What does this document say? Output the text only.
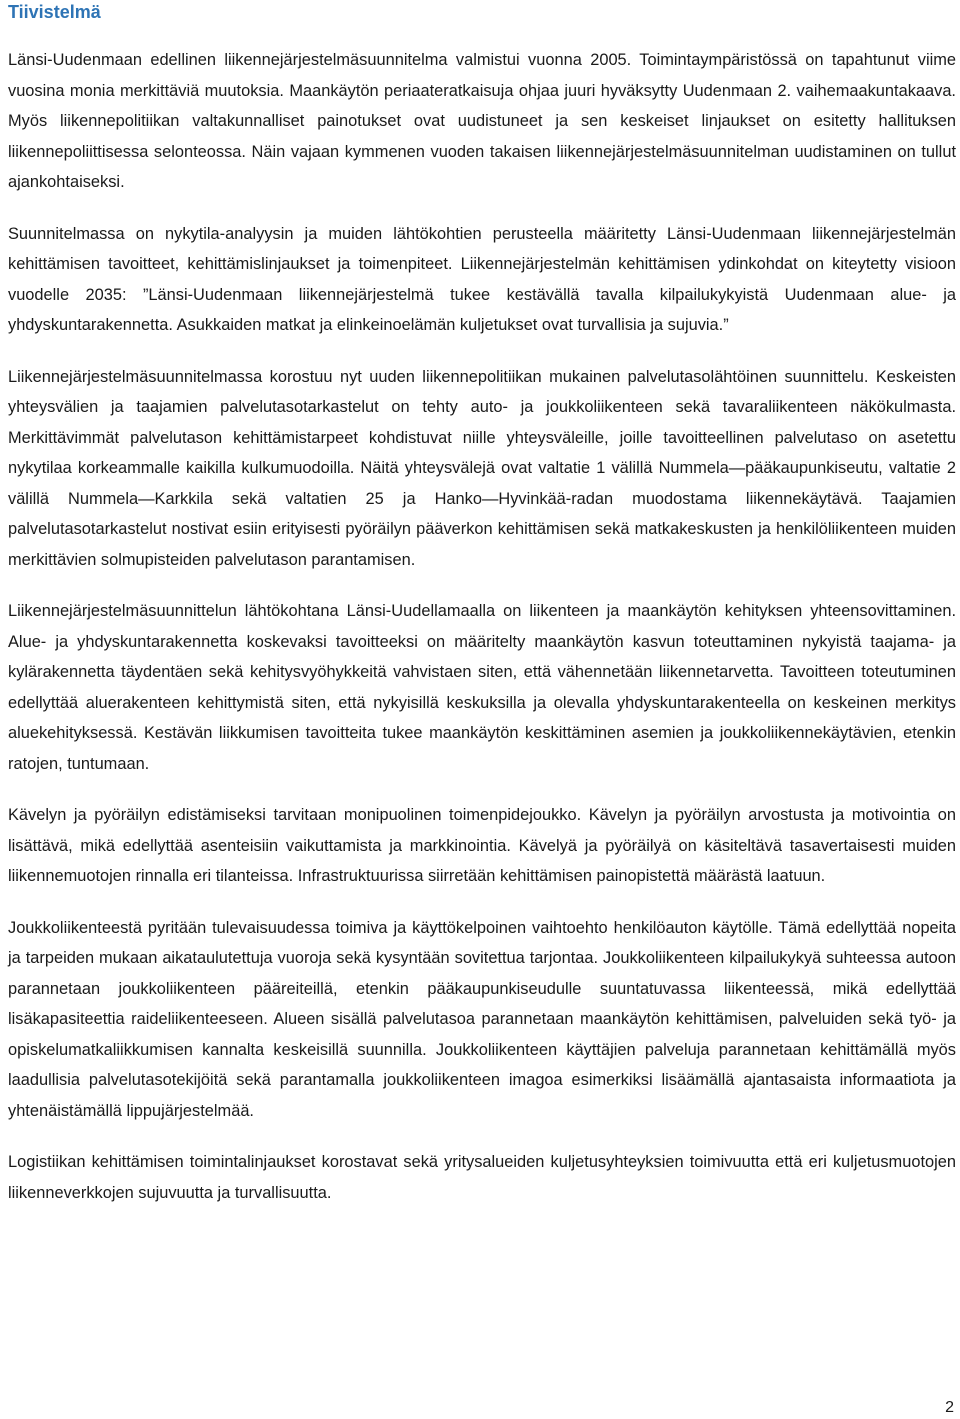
Tiivistelmä

Länsi-Uudenmaan edellinen liikennejärjestelmäsuunnitelma valmistui vuonna 2005. Toimintaympäristössä on tapahtunut viime vuosina monia merkittäviä muutoksia. Maankäytön periaateratkaisuja ohjaa juuri hyväksytty Uudenmaan 2. vaihemaakuntakaava. Myös liikennepolitiikan valtakunnalliset painotukset ovat uudistuneet ja sen keskeiset linjaukset on esitetty hallituksen liikennepoliittisessa selonteossa. Näin vajaan kymmenen vuoden takaisen liikennejärjestelmäsuunnitelman uudistaminen on tullut ajankohtaiseksi.

Suunnitelmassa on nykytila-analyysin ja muiden lähtökohtien perusteella määritetty Länsi-Uudenmaan liikennejärjestelmän kehittämisen tavoitteet, kehittämislinjaukset ja toimenpiteet. Liikennejärjestelmän kehittämisen ydinkohdat on kiteytetty visioon vuodelle 2035: ”Länsi-Uudenmaan liikennejärjestelmä tukee kestävällä tavalla kilpailukykyistä Uudenmaan alue- ja yhdyskuntarakennetta. Asukkaiden matkat ja elinkeinoelämän kuljetukset ovat turvallisia ja sujuvia.”

Liikennejärjestelmäsuunnitelmassa korostuu nyt uuden liikennepolitiikan mukainen palvelutasolähtöinen suunnittelu. Keskeisten yhteysvälien ja taajamien palvelutasotarkastelut on tehty auto- ja joukkoliikenteen sekä tavaraliikenteen näkökulmasta. Merkittävimmät palvelutason kehittämistarpeet kohdistuvat niille yhteysväleille, joille tavoitteellinen palvelutaso on asetettu nykytilaa korkeammalle kaikilla kulkumuodoilla. Näitä yhteysvälejä ovat valtatie 1 välillä Nummela—pääkaupunkiseutu, valtatie 2 välillä Nummela—Karkkila sekä valtatien 25 ja Hanko—Hyvinkää-radan muodostama liikennekäytävä. Taajamien palvelutasotarkastelut nostivat esiin erityisesti pyöräilyn pääverkon kehittämisen sekä matkakeskusten ja henkilöliikenteen muiden merkittävien solmupisteiden palvelutason parantamisen.

Liikennejärjestelmäsuunnittelun lähtökohtana Länsi-Uudellamaalla on liikenteen ja maankäytön kehityksen yhteensovittaminen. Alue- ja yhdyskuntarakennetta koskevaksi tavoitteeksi on määritelty maankäytön kasvun toteuttaminen nykyistä taajama- ja kylärakennetta täydentäen sekä kehitysvyöhykkeitä vahvistaen siten, että vähennetään liikennetarvetta. Tavoitteen toteutuminen edellyttää aluerakenteen kehittymistä siten, että nykyisillä keskuksilla ja olevalla yhdyskuntarakenteella on keskeinen merkitys aluekehityksessä. Kestävän liikkumisen tavoitteita tukee maankäytön keskittäminen asemien ja joukkoliikennekäytävien, etenkin ratojen, tuntumaan.

Kävelyn ja pyöräilyn edistämiseksi tarvitaan monipuolinen toimenpidejoukko. Kävelyn ja pyöräilyn arvostusta ja motivointia on lisättävä, mikä edellyttää asenteisiin vaikuttamista ja markkinointia. Kävelyä ja pyöräilyä on käsiteltävä tasavertaisesti muiden liikennemuotojen rinnalla eri tilanteissa. Infrastruktuurissa siirretään kehittämisen painopistettä määrästä laatuun.

Joukkoliikenteestä pyritään tulevaisuudessa toimiva ja käyttökelpoinen vaihtoehto henkilöauton käytölle. Tämä edellyttää nopeita ja tarpeiden mukaan aikataulutettuja vuoroja sekä kysyntään sovitettua tarjontaa. Joukkoliikenteen kilpailukykyä suhteessa autoon parannetaan joukkoliikenteen pääreiteillä, etenkin pääkaupunkiseudulle suuntatuvassa liikenteessä, mikä edellyttää lisäkapasiteettia raideliikenteeseen. Alueen sisällä palvelutasoa parannetaan maankäytön kehittämisen, palveluiden sekä työ- ja opiskelumatkaliikkumisen kannalta keskeisillä suunnilla. Joukkoliikenteen käyttäjien palveluja parannetaan kehittämällä myös laadullisia palvelutasotekijöitä sekä parantamalla joukkoliikenteen imagoa esimerkiksi lisäämällä ajantasaista informaatiota ja yhtenäistämällä lippujärjestelmää.

Logistiikan kehittämisen toimintalinjaukset korostavat sekä yritysalueiden kuljetusyhteyksien toimivuutta että eri kuljetusmuotojen liikenneverkkojen sujuvuutta ja turvallisuutta.

2
